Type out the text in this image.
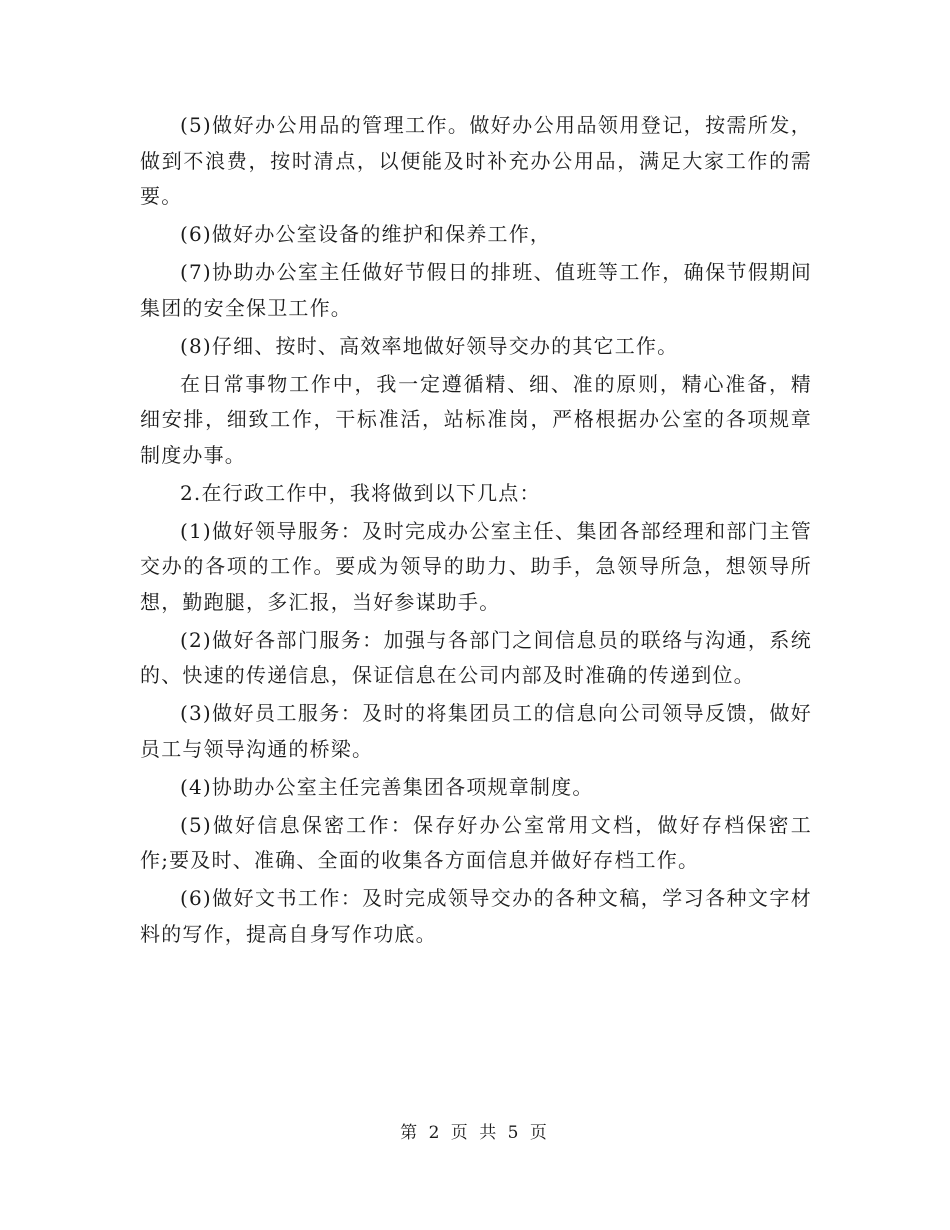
(5)做好办公用品的管理工作。做好办公用品领用登记，按需所发，做到不浪费，按时清点，以便能及时补充办公用品，满足大家工作的需要。

(6)做好办公室设备的维护和保养工作，

(7)协助办公室主任做好节假日的排班、值班等工作，确保节假期间集团的安全保卫工作。

(8)仔细、按时、高效率地做好领导交办的其它工作。

在日常事物工作中，我一定遵循精、细、准的原则，精心准备，精细安排，细致工作，干标准活，站标准岗，严格根据办公室的各项规章制度办事。

2.在行政工作中，我将做到以下几点：

(1)做好领导服务：及时完成办公室主任、集团各部经理和部门主管交办的各项的工作。要成为领导的助力、助手，急领导所急，想领导所想，勤跑腿，多汇报，当好参谋助手。

(2)做好各部门服务：加强与各部门之间信息员的联络与沟通，系统的、快速的传递信息，保证信息在公司内部及时准确的传递到位。

(3)做好员工服务：及时的将集团员工的信息向公司领导反馈，做好员工与领导沟通的桥梁。

(4)协助办公室主任完善集团各项规章制度。

(5)做好信息保密工作：保存好办公室常用文档，做好存档保密工作;要及时、准确、全面的收集各方面信息并做好存档工作。

(6)做好文书工作：及时完成领导交办的各种文稿，学习各种文字材料的写作，提高自身写作功底。

第 2 页 共 5 页
